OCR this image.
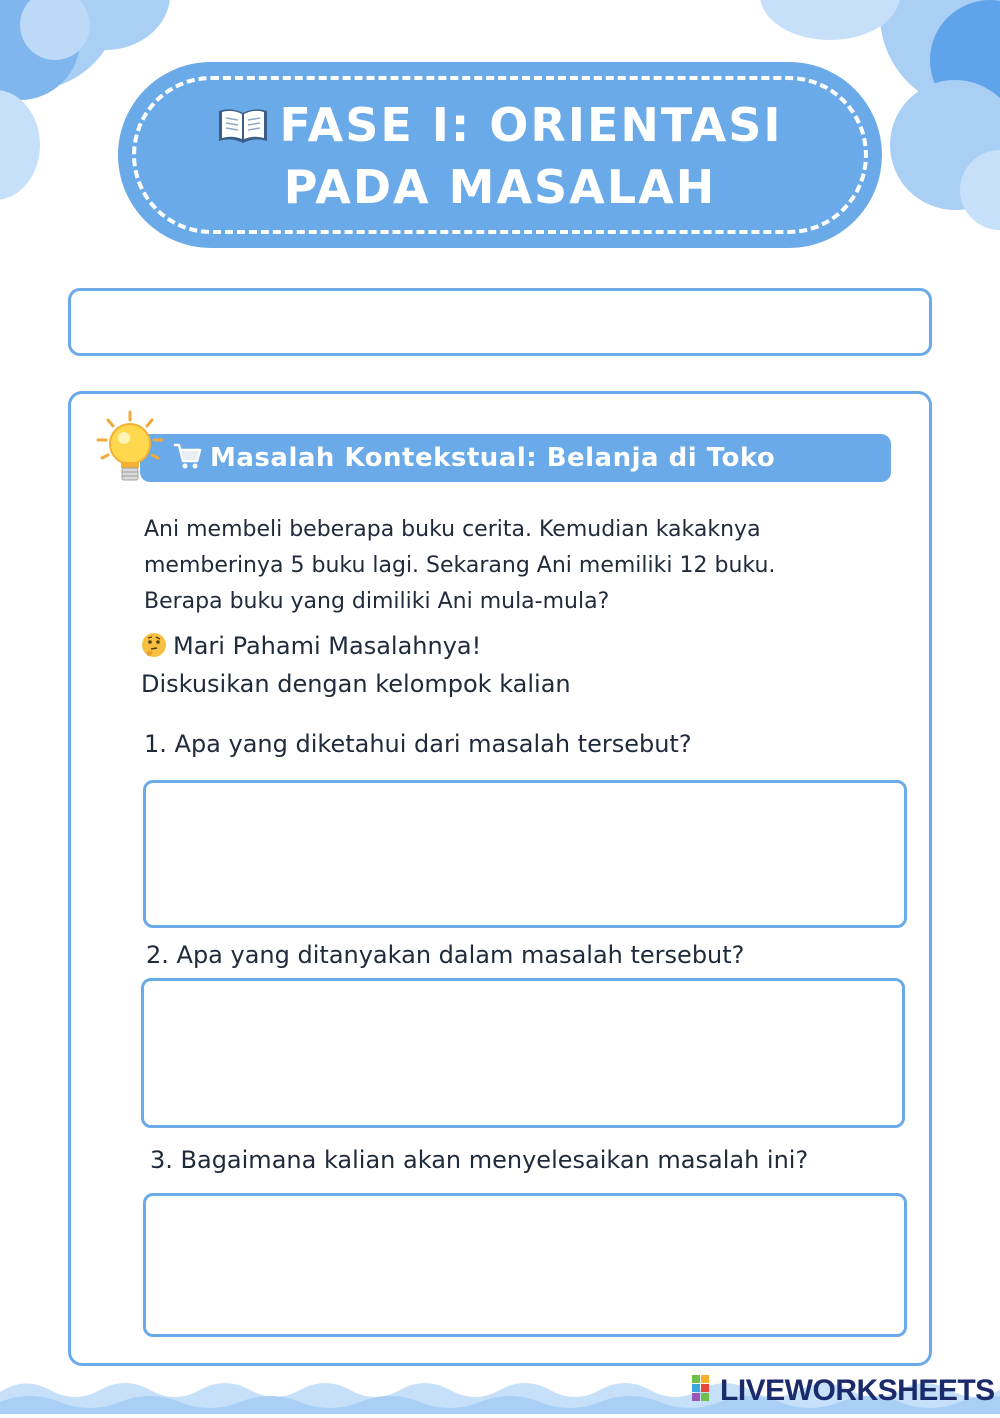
FASE I: ORIENTASI PADA MASALAH
Masalah Kontekstual: Belanja di Toko
Ani membeli beberapa buku cerita. Kemudian kakaknya
memberinya 5 buku lagi. Sekarang Ani memiliki 12 buku.
Berapa buku yang dimiliki Ani mula-mula?
Mari Pahami Masalahnya!
Diskusikan dengan kelompok kalian
1. Apa yang diketahui dari masalah tersebut?
2. Apa yang ditanyakan dalam masalah tersebut?
3. Bagaimana kalian akan menyelesaikan masalah ini?
LIVEWORKSHEETS
